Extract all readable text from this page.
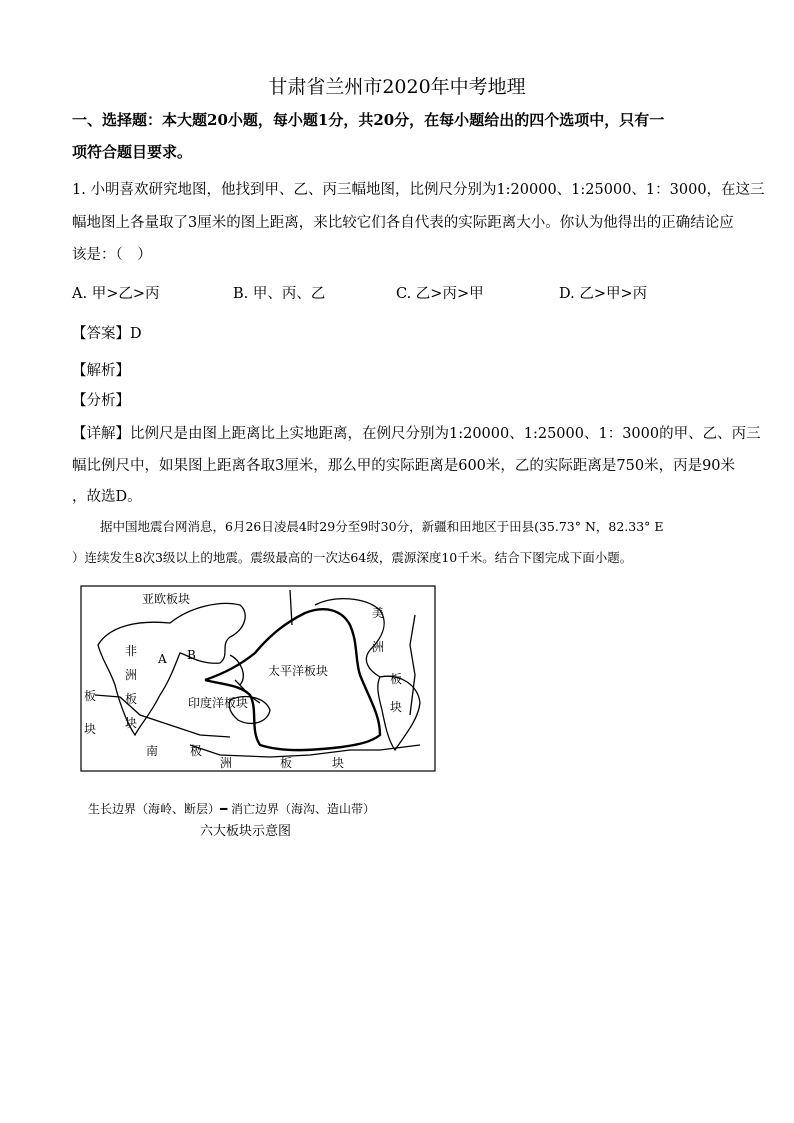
甘肃省兰州市2020年中考地理
一、选择题：本大题20小题，每小题1分，共20分，在每小题给出的四个选项中，只有一
项符合题目要求。
1. 小明喜欢研究地图，他找到甲、乙、丙三幅地图，比例尺分别为1:20000、1:25000、1：3000，在这三
幅地图上各量取了3厘米的图上距离，来比较它们各自代表的实际距离大小。你认为他得出的正确结论应
该是：（　）
A. 甲>乙>丙	B. 甲、丙、乙	C. 乙>丙>甲	D. 乙>甲>丙
【答案】D
【解析】
【分析】
【详解】比例尺是由图上距离比上实地距离，在例尺分别为1:20000、1:25000、1：3000的甲、乙、丙三
幅比例尺中，如果图上距离各取3厘米，那么甲的实际距离是600米，乙的实际距离是750米，丙是90米
，故选D。
据中国地震台网消息，6月26日凌晨4时29分至9时30分，新疆和田地区于田县(35.73° N，82.33° E
）连续发生8次3级以上的地震。震级最高的一次达64级，震源深度10千米。结合下图完成下面小题。
亚欧板块
非
洲
板
块
A B
太平洋板块
印度洋板块
美
洲
板
块
板
块
南	极
洲	板	块
生长边界（海岭、断层）━ 消亡边界（海沟、造山带）
六大板块示意图
